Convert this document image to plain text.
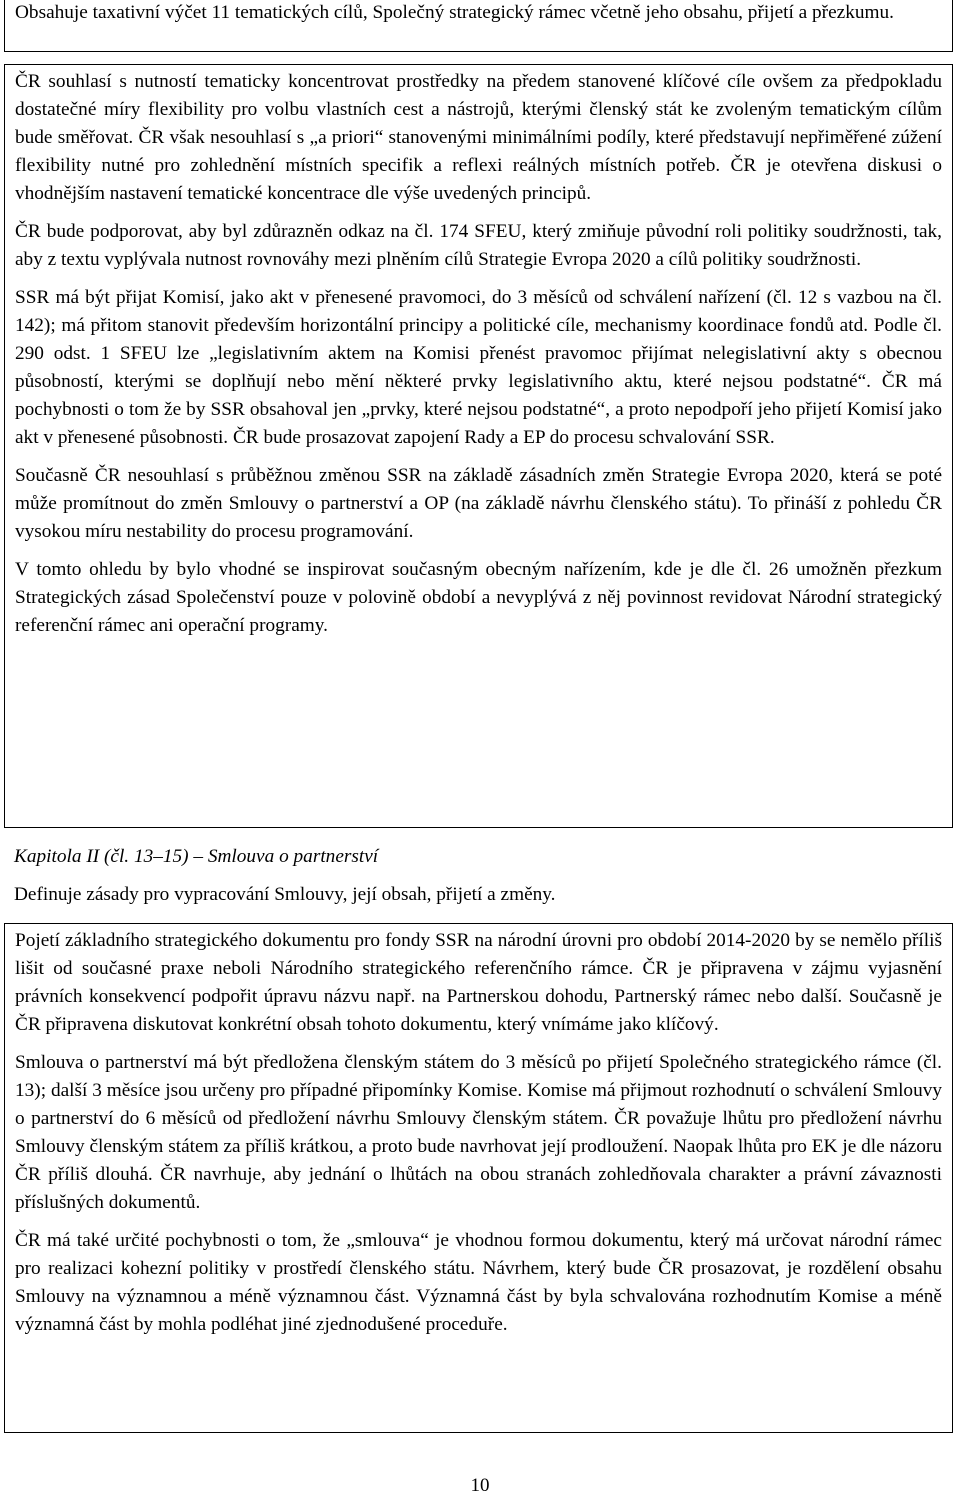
Obsahuje taxativní výčet 11 tematických cílů, Společný strategický rámec včetně jeho obsahu, přijetí a přezkumu.

ČR souhlasí s nutností tematicky koncentrovat prostředky na předem stanovené klíčové cíle ovšem za předpokladu dostatečné míry flexibility pro volbu vlastních cest a nástrojů, kterými členský stát ke zvoleným tematickým cílům bude směřovat. ČR však nesouhlasí s „a priori“ stanovenými minimálními podíly, které představují nepřiměřené zúžení flexibility nutné pro zohlednění místních specifik a reflexi reálných místních potřeb. ČR je otevřena diskusi o vhodnějším nastavení tematické koncentrace dle výše uvedených principů.

ČR bude podporovat, aby byl zdůrazněn odkaz na čl. 174 SFEU, který zmiňuje původní roli politiky soudržnosti, tak, aby z textu vyplývala nutnost rovnováhy mezi plněním cílů Strategie Evropa 2020 a cílů politiky soudržnosti.

SSR má být přijat Komisí, jako akt v přenesené pravomoci, do 3 měsíců od schválení nařízení (čl. 12 s vazbou na čl. 142); má přitom stanovit především horizontální principy a politické cíle, mechanismy koordinace fondů atd. Podle čl. 290 odst. 1 SFEU lze „legislativním aktem na Komisi přenést pravomoc přijímat nelegislativní akty s obecnou působností, kterými se doplňují nebo mění některé prvky legislativního aktu, které nejsou podstatné“. ČR má pochybnosti o tom že by SSR obsahoval jen „prvky, které nejsou podstatné“, a proto nepodpoří jeho přijetí Komisí jako akt v přenesené působnosti. ČR bude prosazovat zapojení Rady a EP do procesu schvalování SSR.

Současně ČR nesouhlasí s průběžnou změnou SSR na základě zásadních změn Strategie Evropa 2020, která se poté může promítnout do změn Smlouvy o partnerství a OP (na základě návrhu členského státu). To přináší z pohledu ČR vysokou míru nestability do procesu programování.

V tomto ohledu by bylo vhodné se inspirovat současným obecným nařízením, kde je dle čl. 26 umožněn přezkum Strategických zásad Společenství pouze v polovině období a nevyplývá z něj povinnost revidovat Národní strategický referenční rámec ani operační programy.

Kapitola II (čl. 13–15) – Smlouva o partnerství

Definuje zásady pro vypracování Smlouvy, její obsah, přijetí a změny.

Pojetí základního strategického dokumentu pro fondy SSR na národní úrovni pro období 2014-2020 by se nemělo příliš lišit od současné praxe neboli Národního strategického referenčního rámce. ČR je připravena v zájmu vyjasnění právních konsekvencí podpořit úpravu názvu např. na Partnerskou dohodu, Partnerský rámec nebo další. Současně je ČR připravena diskutovat konkrétní obsah tohoto dokumentu, který vnímáme jako klíčový.

Smlouva o partnerství má být předložena členským státem do 3 měsíců po přijetí Společného strategického rámce (čl. 13); další 3 měsíce jsou určeny pro případné připomínky Komise. Komise má přijmout rozhodnutí o schválení Smlouvy o partnerství do 6 měsíců od předložení návrhu Smlouvy členským státem. ČR považuje lhůtu pro předložení návrhu Smlouvy členským státem za příliš krátkou, a proto bude navrhovat její prodloužení. Naopak lhůta pro EK je dle názoru ČR příliš dlouhá. ČR navrhuje, aby jednání o lhůtách na obou stranách zohledňovala charakter a právní závaznosti příslušných dokumentů.

ČR má také určité pochybnosti o tom, že „smlouva“ je vhodnou formou dokumentu, který má určovat národní rámec pro realizaci kohezní politiky v prostředí členského státu. Návrhem, který bude ČR prosazovat, je rozdělení obsahu Smlouvy na významnou a méně významnou část. Významná část by byla schvalována rozhodnutím Komise a méně významná část by mohla podléhat jiné zjednodušené proceduře.

10
